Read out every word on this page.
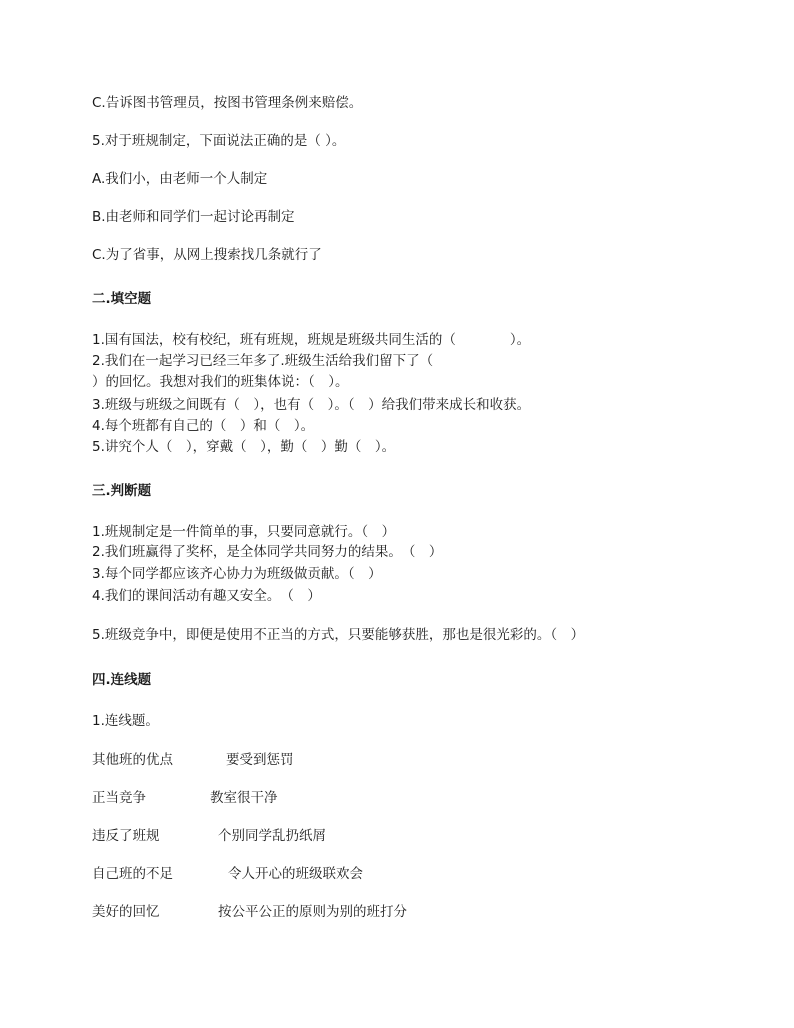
C.告诉图书管理员，按图书管理条例来赔偿。
5.对于班规制定，下面说法正确的是（ ）。
A.我们小，由老师一个人制定
B.由老师和同学们一起讨论再制定
C.为了省事，从网上搜索找几条就行了
二.填空题
1.国有国法，校有校纪，班有班规，班规是班级共同生活的（　　　　）。
2.我们在一起学习已经三年多了.班级生活给我们留下了（
）的回忆。我想对我们的班集体说：（　）。
3.班级与班级之间既有（　），也有（　）。（　）给我们带来成长和收获。
4.每个班都有自己的（　）和（　）。
5.讲究个人（　），穿戴（　），勤（　）勤（　）。
三.判断题
1.班规制定是一件简单的事，只要同意就行。（　）
2.我们班赢得了奖杯，是全体同学共同努力的结果。　（　）
3.每个同学都应该齐心协力为班级做贡献。（　）
4.我们的课间活动有趣又安全。　（　）
5.班级竞争中，即便是使用不正当的方式，只要能够获胜，那也是很光彩的。（　）
四.连线题
1.连线题。
其他班的优点	要受到惩罚
正当竞争	教室很干净
违反了班规	个别同学乱扔纸屑
自己班的不足	令人开心的班级联欢会
美好的回忆	按公平公正的原则为别的班打分
